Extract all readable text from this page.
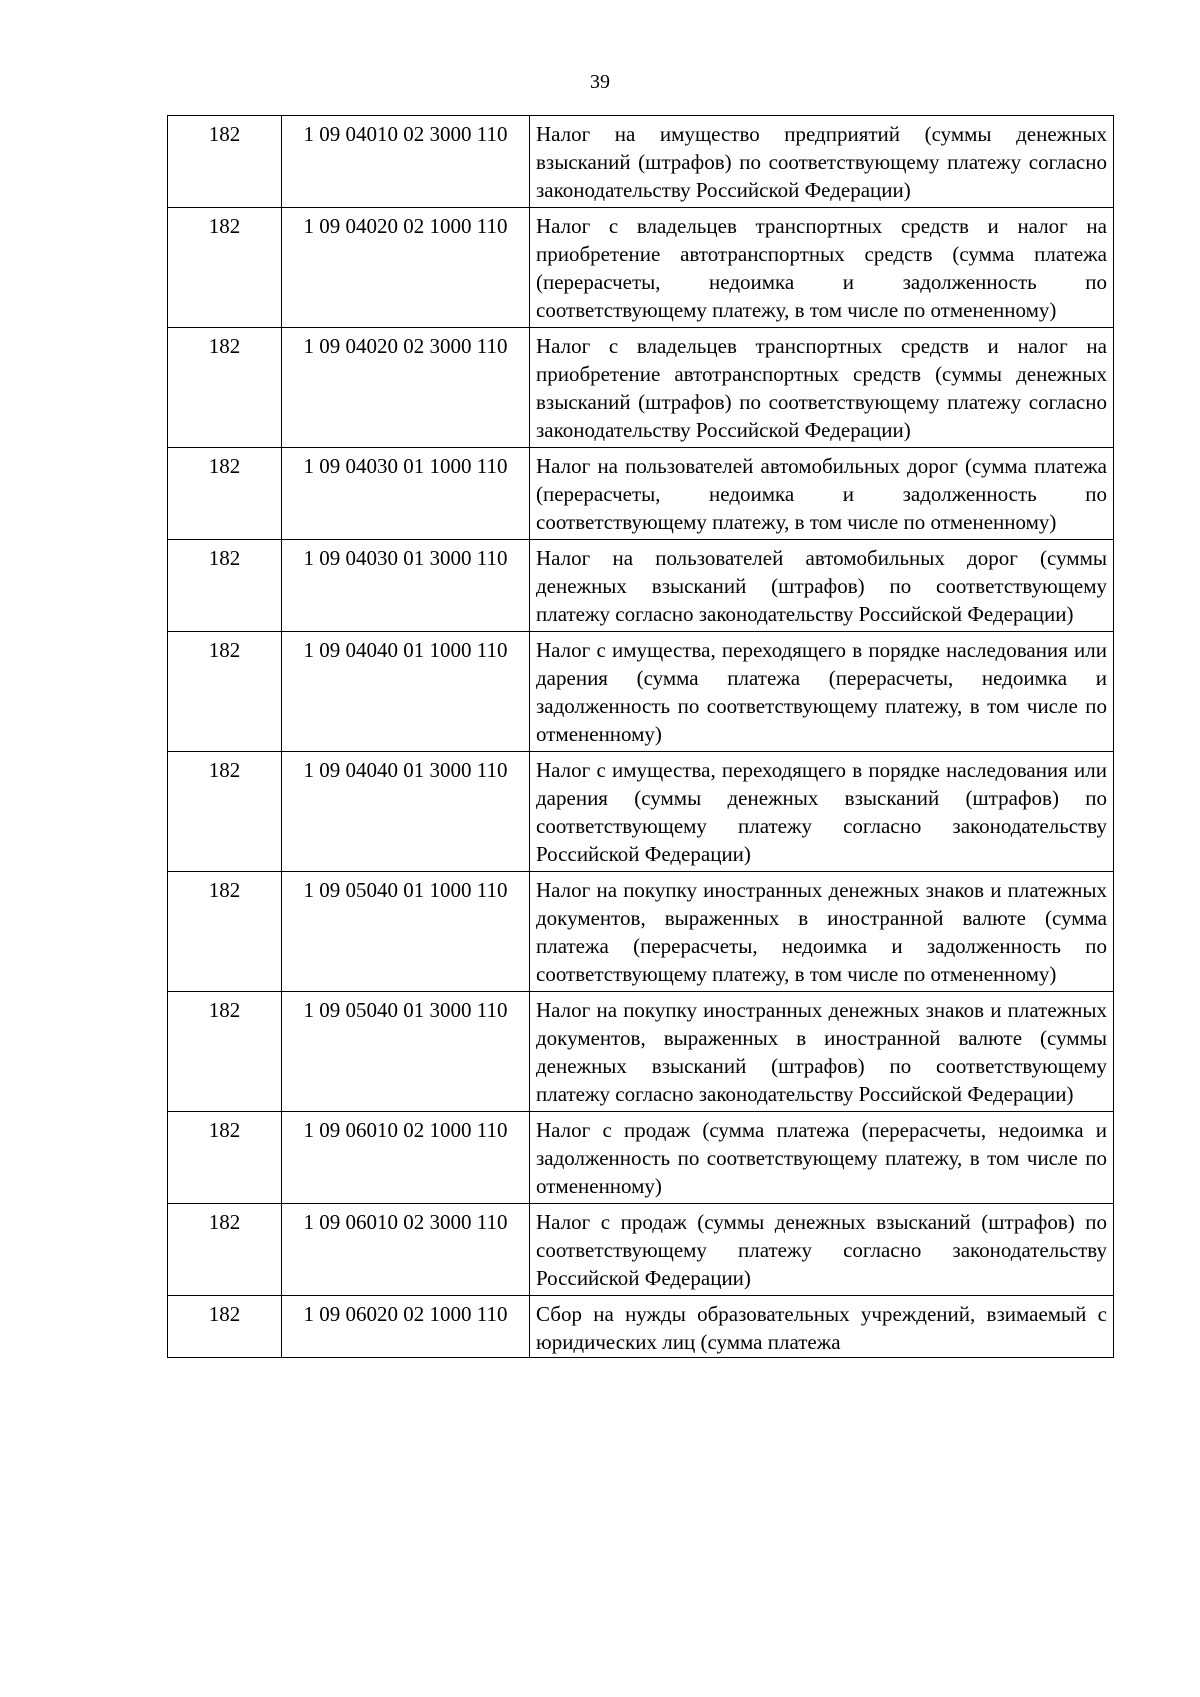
39
182	1 09 04010 02 3000 110	Налог на имущество предприятий (суммы денежных взысканий (штрафов) по соответствующему платежу согласно законодательству Российской Федерации)
182	1 09 04020 02 1000 110	Налог с владельцев транспортных средств и налог на приобретение автотранспортных средств (сумма платежа (перерасчеты, недоимка и задолженность по соответствующему платежу, в том числе по отмененному)
182	1 09 04020 02 3000 110	Налог с владельцев транспортных средств и налог на приобретение автотранспортных средств (суммы денежных взысканий (штрафов) по соответствующему платежу согласно законодательству Российской Федерации)
182	1 09 04030 01 1000 110	Налог на пользователей автомобильных дорог (сумма платежа (перерасчеты, недоимка и задолженность по соответствующему платежу, в том числе по отмененному)
182	1 09 04030 01 3000 110	Налог на пользователей автомобильных дорог (суммы денежных взысканий (штрафов) по соответствующему платежу согласно законодательству Российской Федерации)
182	1 09 04040 01 1000 110	Налог с имущества, переходящего в порядке наследования или дарения (сумма платежа (перерасчеты, недоимка и задолженность по соответствующему платежу, в том числе по отмененному)
182	1 09 04040 01 3000 110	Налог с имущества, переходящего в порядке наследования или дарения (суммы денежных взысканий (штрафов) по соответствующему платежу согласно законодательству Российской Федерации)
182	1 09 05040 01 1000 110	Налог на покупку иностранных денежных знаков и платежных документов, выраженных в иностранной валюте (сумма платежа (перерасчеты, недоимка и задолженность по соответствующему платежу, в том числе по отмененному)
182	1 09 05040 01 3000 110	Налог на покупку иностранных денежных знаков и платежных документов, выраженных в иностранной валюте (суммы денежных взысканий (штрафов) по соответствующему платежу согласно законодательству Российской Федерации)
182	1 09 06010 02 1000 110	Налог с продаж (сумма платежа (перерасчеты, недоимка и задолженность по соответствующему платежу, в том числе по отмененному)
182	1 09 06010 02 3000 110	Налог с продаж (суммы денежных взысканий (штрафов) по соответствующему платежу согласно законодательству Российской Федерации)
182	1 09 06020 02 1000 110	Сбор на нужды образовательных учреждений, взимаемый с юридических лиц (сумма платежа
